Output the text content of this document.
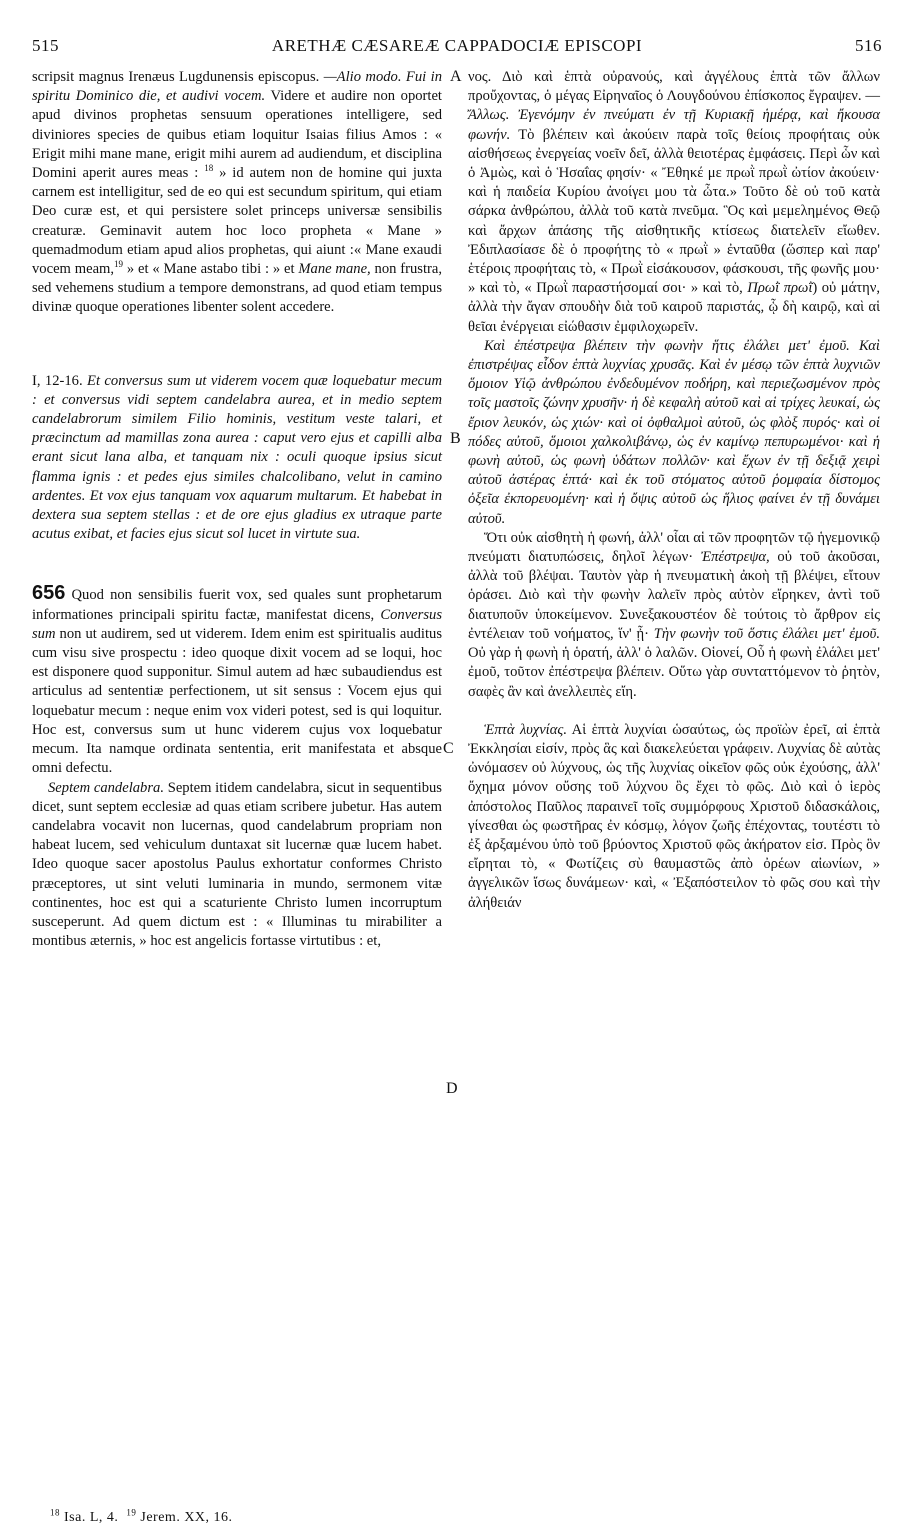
515	ARETHÆ CÆSAREÆ CAPPADOCIÆ EPISCOPI	516
A
B
C
D

scripsit magnus Irenæus Lugdunensis episcopus. —Alio modo. Fui in spiritu Dominico die, et audivi vocem. Videre et audire non oportet apud divinos prophetas sensuum operationes intelligere, sed diviniores species de quibus etiam loquitur Isaias filius Amos : « Erigit mihi mane mane, erigit mihi aurem ad audiendum, et disciplina Domini aperit aures meas : $^{18}$ » id autem non de homine qui juxta carnem est intelligitur, sed de eo qui est secundum spiritum, qui etiam Deo curæ est, et qui persistere solet princeps universæ sensibilis creaturæ. Geminavit autem hoc loco propheta « Mane » quemadmodum etiam apud alios prophetas, qui aiunt :« Mane exaudi vocem meam,$^{19}$ » et « Mane astabo tibi : » et Mane mane, non frustra, sed vehemens studium a tempore demonstrans, ad quod etiam tempus divinæ quoque operationes libenter solent accedere.

I, 12-16. Et conversus sum ut viderem vocem quæ loquebatur mecum : et conversus vidi septem candelabra aurea, et in medio septem candelabrorum similem Filio hominis, vestitum veste talari, et præcinctum ad mamillas zona aurea : caput vero ejus et capilli alba erant sicut lana alba, et tanquam nix : oculi quoque ipsius sicut flamma ignis : et pedes ejus similes chalcolibano, velut in camino ardentes. Et vox ejus tanquam vox aquarum multarum. Et habebat in dextera sua septem stellas : et de ore ejus gladius ex utraque parte acutus exibat, et facies ejus sicut sol lucet in virtute sua.

656 Quod non sensibilis fuerit vox, sed quales sunt prophetarum informationes principali spiritu factæ, manifestat dicens, Conversus sum non ut audirem, sed ut viderem. Idem enim est spiritualis auditus cum visu sive prospectu : ideo quoque dixit vocem ad se loqui, hoc est disponere quod supponitur. Simul autem ad hæc subaudiendus est articulus ad sententiæ perfectionem, ut sit sensus : Vocem ejus qui loquebatur mecum : neque enim vox videri potest, sed is qui loquitur. Hoc est, conversus sum ut hunc viderem cujus vox loquebatur mecum. Ita namque ordinata sententia, erit manifestata et absque omni defectu.

Septem candelabra. Septem itidem candelabra, sicut in sequentibus dicet, sunt septem ecclesiæ ad quas etiam scribere jubetur. Has autem candelabra vocavit non lucernas, quod candelabrum propriam non habeat lucem, sed vehiculum duntaxat sit lucernæ quæ lucem habet. Ideo quoque sacer apostolus Paulus exhortatur conformes Christo præceptores, ut sint veluti luminaria in mundo, sermonem vitæ continentes, hoc est qui a scaturiente Christo lumen incorruptum susceperunt. Ad quem dictum est : « Illuminas tu mirabiliter a montibus æternis, » hoc est angelicis fortasse virtutibus : et,

νος. Διὸ καὶ ἑπτὰ οὐρανούς, καὶ ἀγγέλους ἑπτὰ τῶν ἄλλων προὔχοντας, ὁ μέγας Εἰρηναῖος ὁ Λουγδούνου ἐπίσκοπος ἔγραψεν. — Ἄλλως. Ἐγενόμην ἐν πνεύματι ἐν τῇ Κυριακῇ ἡμέρᾳ, καὶ ἤκουσα φωνήν. Τὸ βλέπειν καὶ ἀκούειν παρὰ τοῖς θείοις προφήταις οὐκ αἰσθήσεως ἐνεργείας νοεῖν δεῖ, ἀλλὰ θειοτέρας ἐμφάσεις. Περὶ ὧν καὶ ὁ Ἀμὼς, καὶ ὁ Ἡσαΐας φησίν· « Ἔθηκέ με πρωῒ πρωῒ ὠτίον ἀκούειν· καὶ ἡ παιδεία Κυρίου ἀνοίγει μου τὰ ὦτα.» Τοῦτο δὲ οὐ τοῦ κατὰ σάρκα ἀνθρώπου, ἀλλὰ τοῦ κατὰ πνεῦμα. Ὃς καὶ μεμελημένος Θεῷ καὶ ἄρχων ἁπάσης τῆς αἰσθητικῆς κτίσεως διατελεῖν εἴωθεν. Ἐδιπλασίασε δὲ ὁ προφήτης τὸ « πρωῒ » ἐνταῦθα (ὥσπερ καὶ παρ' ἑτέροις προφήταις τὸ, « Πρωῒ εἰσάκουσον, φάσκουσι, τῆς φωνῆς μου· » καὶ τὸ, « Πρωῒ παραστήσομαί σοι· » καὶ τὸ, Πρωῒ πρωῒ) οὐ μάτην, ἀλλὰ τὴν ἄγαν σπουδὴν διὰ τοῦ καιροῦ παριστάς, ᾧ δὴ καιρῷ, καὶ αἱ θεῖαι ἐνέργειαι εἰώθασιν ἐμφιλοχωρεῖν.

Καὶ ἐπέστρεψα βλέπειν τὴν φωνὴν ἥτις ἐλάλει μετ' ἐμοῦ. Καὶ ἐπιστρέψας εἶδον ἑπτὰ λυχνίας χρυσᾶς. Καὶ ἐν μέσῳ τῶν ἑπτὰ λυχνιῶν ὅμοιον Υἱῷ ἀνθρώπου ἐνδεδυμένον ποδήρη, καὶ περιεζωσμένον πρὸς τοῖς μαστοῖς ζώνην χρυσῆν· ἡ δὲ κεφαλὴ αὐτοῦ καὶ αἱ τρίχες λευκαί, ὡς ἔριον λευκόν, ὡς χιών· καὶ οἱ ὀφθαλμοὶ αὐτοῦ, ὡς φλὸξ πυρός· καὶ οἱ πόδες αὐτοῦ, ὅμοιοι χαλκολιβάνῳ, ὡς ἐν καμίνῳ πεπυρωμένοι· καὶ ἡ φωνὴ αὐτοῦ, ὡς φωνὴ ὑδάτων πολλῶν· καὶ ἔχων ἐν τῇ δεξιᾷ χειρὶ αὐτοῦ ἀστέρας ἑπτά· καὶ ἐκ τοῦ στόματος αὐτοῦ ῥομφαία δίστομος ὀξεῖα ἐκπορευομένη· καὶ ἡ ὄψις αὐτοῦ ὡς ἥλιος φαίνει ἐν τῇ δυνάμει αὐτοῦ.

Ὅτι οὐκ αἰσθητὴ ἡ φωνή, ἀλλ' οἷαι αἱ τῶν προφητῶν τῷ ἡγεμονικῷ πνεύματι διατυπώσεις, δηλοῖ λέγων· Ἐπέστρεψα, οὐ τοῦ ἀκοῦσαι, ἀλλὰ τοῦ βλέψαι. Ταυτὸν γὰρ ἡ πνευματικὴ ἀκοὴ τῇ βλέψει, εἴτουν ὁράσει. Διὸ καὶ τὴν φωνὴν λαλεῖν πρὸς αὐτὸν εἴρηκεν, ἀντὶ τοῦ διατυποῦν ὑποκείμενον. Συνεξακουστέον δὲ τούτοις τὸ ἄρθρον εἰς ἐντέλειαν τοῦ νοήματος, ἵν' ᾖ· Τὴν φωνὴν τοῦ ὅστις ἐλάλει μετ' ἐμοῦ. Οὐ γὰρ ἡ φωνὴ ἡ ὁρατή, ἀλλ' ὁ λαλῶν. Οἱονεί, Οὗ ἡ φωνὴ ἐλάλει μετ' ἐμοῦ, τοῦτον ἐπέστρεψα βλέπειν. Οὕτω γὰρ συνταττόμενον τὸ ῥητὸν, σαφὲς ἂν καὶ ἀνελλειπὲς εἴη.

Ἑπτὰ λυχνίας. Αἱ ἑπτὰ λυχνίαι ὡσαύτως, ὡς προϊὼν ἐρεῖ, αἱ ἑπτὰ Ἐκκλησίαι εἰσίν, πρὸς ἃς καὶ διακελεύεται γράφειν. Λυχνίας δὲ αὐτὰς ὠνόμασεν οὐ λύχνους, ὡς τῆς λυχνίας οἰκεῖον φῶς οὐκ ἐχούσης, ἀλλ' ὄχημα μόνον οὔσης τοῦ λύχνου ὃς ἔχει τὸ φῶς. Διὸ καὶ ὁ ἱερὸς ἀπόστολος Παῦλος παραινεῖ τοῖς συμμόρφους Χριστοῦ διδασκάλοις, γίνεσθαι ὡς φωστῆρας ἐν κόσμῳ, λόγον ζωῆς ἐπέχοντας, τουτέστι τὸ ἐξ ἀρξαμένου ὑπὸ τοῦ βρύοντος Χριστοῦ φῶς ἀκήρατον εἰσ. Πρὸς ὃν εἴρηται τὸ, « Φωτίζεις σὺ θαυμαστῶς ἀπὸ ὀρέων αἰωνίων, » ἀγγελικῶν ἴσως δυνάμεων· καὶ, « Ἐξαπόστειλον τὸ φῶς σου καὶ τὴν ἀλήθειάν

$^{18}$ Isa. L, 4. $^{19}$ Jerem. XX, 16.
